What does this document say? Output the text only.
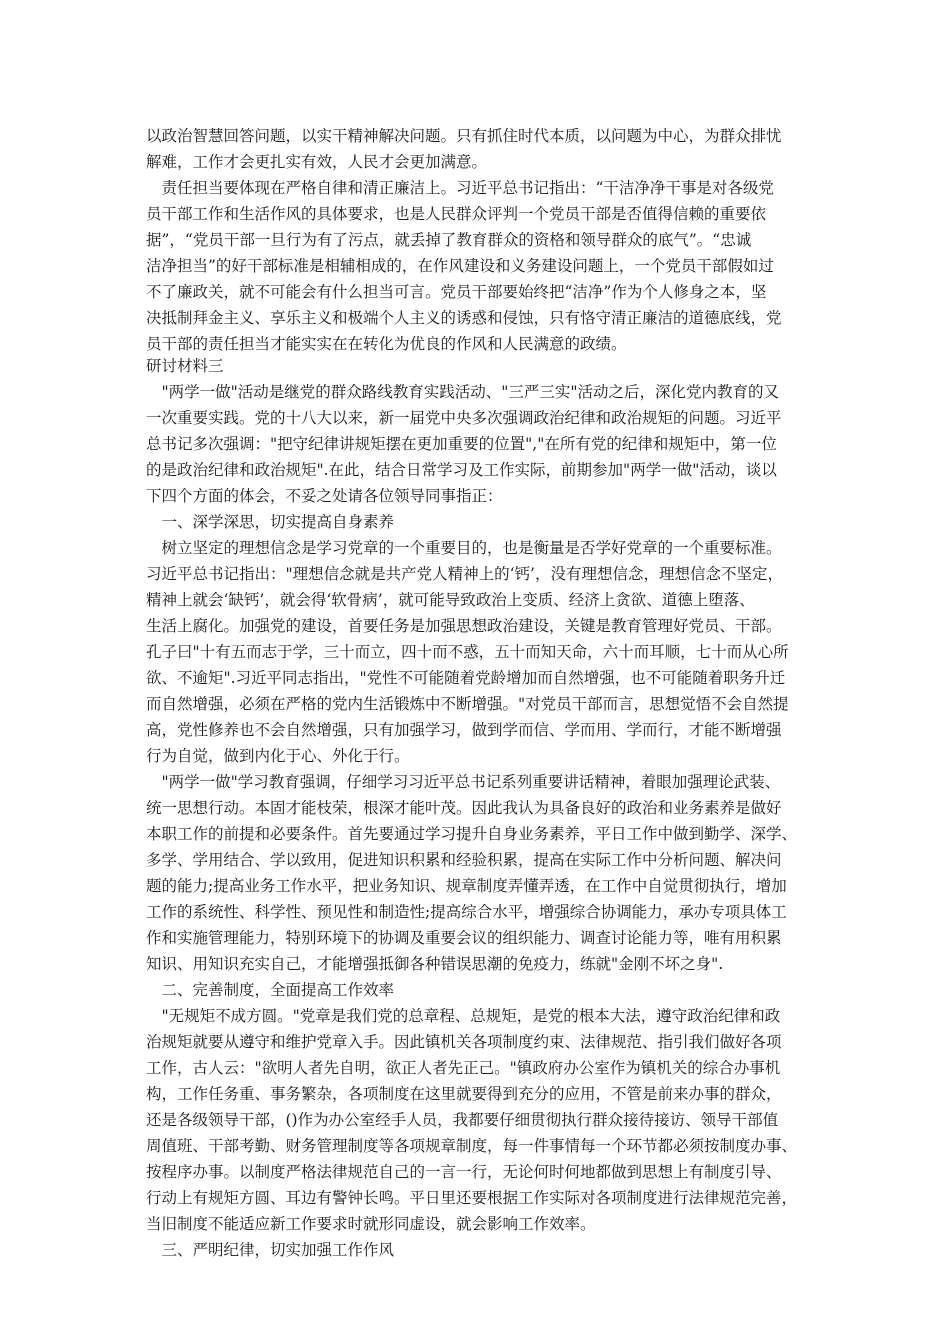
以政治智慧回答问题，以实干精神解决问题。只有抓住时代本质，以问题为中心，为群众排忧
解难，工作才会更扎实有效，人民才会更加满意。
　责任担当要体现在严格自律和清正廉洁上。习近平总书记指出：“干洁净净干事是对各级党
员干部工作和生活作风的具体要求，也是人民群众评判一个党员干部是否值得信赖的重要依
据”，“党员干部一旦行为有了污点，就丢掉了教育群众的资格和领导群众的底气”。“忠诚
洁净担当”的好干部标准是相辅相成的，在作风建设和义务建设问题上，一个党员干部假如过
不了廉政关，就不可能会有什么担当可言。党员干部要始终把“洁净”作为个人修身之本，坚
决抵制拜金主义、享乐主义和极端个人主义的诱惑和侵蚀，只有恪守清正廉洁的道德底线，党
员干部的责任担当才能实实在在转化为优良的作风和人民满意的政绩。
研讨材料三
　"两学一做"活动是继党的群众路线教育实践活动、"三严三实"活动之后，深化党内教育的又
一次重要实践。党的十八大以来，新一届党中央多次强调政治纪律和政治规矩的问题。习近平
总书记多次强调："把守纪律讲规矩摆在更加重要的位置","在所有党的纪律和规矩中，第一位
的是政治纪律和政治规矩".在此，结合日常学习及工作实际，前期参加"两学一做"活动，谈以
下四个方面的体会，不妥之处请各位领导同事指正：
　一、深学深思，切实提高自身素养
　树立坚定的理想信念是学习党章的一个重要目的，也是衡量是否学好党章的一个重要标准。
习近平总书记指出："理想信念就是共产党人精神上的‘钙’，没有理想信念，理想信念不坚定，
精神上就会‘缺钙’，就会得‘软骨病’，就可能导致政治上变质、经济上贪欲、道德上堕落、
生活上腐化。加强党的建设，首要任务是加强思想政治建设，关键是教育管理好党员、干部。
孔子曰"十有五而志于学，三十而立，四十而不惑，五十而知天命，六十而耳顺，七十而从心所
欲、不逾矩".习近平同志指出，"党性不可能随着党龄增加而自然增强，也不可能随着职务升迁
而自然增强，必须在严格的党内生活锻炼中不断增强。"对党员干部而言，思想觉悟不会自然提
高，党性修养也不会自然增强，只有加强学习，做到学而信、学而用、学而行，才能不断增强
行为自觉，做到内化于心、外化于行。
　"两学一做"学习教育强调，仔细学习习近平总书记系列重要讲话精神，着眼加强理论武装、
统一思想行动。本固才能枝荣，根深才能叶茂。因此我认为具备良好的政治和业务素养是做好
本职工作的前提和必要条件。首先要通过学习提升自身业务素养，平日工作中做到勤学、深学、
多学、学用结合、学以致用，促进知识积累和经验积累，提高在实际工作中分析问题、解决问
题的能力;提高业务工作水平，把业务知识、规章制度弄懂弄透，在工作中自觉贯彻执行，增加
工作的系统性、科学性、预见性和制造性;提高综合水平，增强综合协调能力，承办专项具体工
作和实施管理能力，特别环境下的协调及重要会议的组织能力、调查讨论能力等，唯有用积累
知识、用知识充实自己，才能增强抵御各种错误思潮的免疫力，练就"金刚不坏之身".
　二、完善制度，全面提高工作效率
　"无规矩不成方圆。"党章是我们党的总章程、总规矩，是党的根本大法，遵守政治纪律和政
治规矩就要从遵守和维护党章入手。因此镇机关各项制度约束、法律规范、指引我们做好各项
工作，古人云："欲明人者先自明，欲正人者先正己。"镇政府办公室作为镇机关的综合办事机
构，工作任务重、事务繁杂，各项制度在这里就要得到充分的应用，不管是前来办事的群众，
还是各级领导干部，()作为办公室经手人员，我都要仔细贯彻执行群众接待接访、领导干部值
周值班、干部考勤、财务管理制度等各项规章制度，每一件事情每一个环节都必须按制度办事、
按程序办事。以制度严格法律规范自己的一言一行，无论何时何地都做到思想上有制度引导、
行动上有规矩方圆、耳边有警钟长鸣。平日里还要根据工作实际对各项制度进行法律规范完善，
当旧制度不能适应新工作要求时就形同虚设，就会影响工作效率。
　三、严明纪律，切实加强工作作风
